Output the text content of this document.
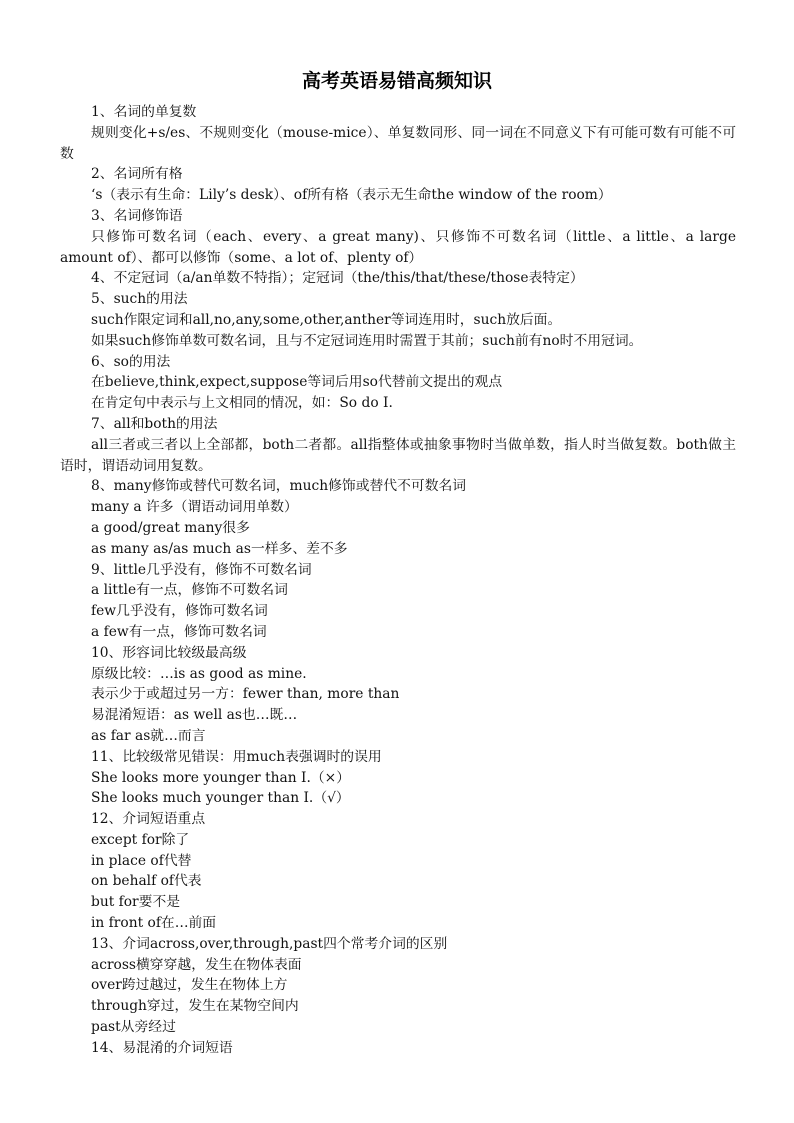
高考英语易错高频知识
1、名词的单复数
规则变化+s/es、不规则变化（mouse-mice）、单复数同形、同一词在不同意义下有可能可数有可能不可数
2、名词所有格
‘s（表示有生命：Lily’s desk）、of所有格（表示无生命the window of the room）
3、名词修饰语
只修饰可数名词（each、every、a great many)、只修饰不可数名词（little、a little、a large amount of）、都可以修饰（some、a lot of、plenty of）
4、不定冠词（a/an单数不特指）；定冠词（the/this/that/these/those表特定）
5、such的用法
such作限定词和all,no,any,some,other,anther等词连用时，such放后面。
如果such修饰单数可数名词，且与不定冠词连用时需置于其前；such前有no时不用冠词。
6、so的用法
在believe,think,expect,suppose等词后用so代替前文提出的观点
在肯定句中表示与上文相同的情况，如：So do I.
7、all和both的用法
all三者或三者以上全部都，both二者都。all指整体或抽象事物时当做单数，指人时当做复数。both做主语时，谓语动词用复数。
8、many修饰或替代可数名词，much修饰或替代不可数名词
many a 许多（谓语动词用单数）
a good/great many很多
as many as/as much as一样多、差不多
9、little几乎没有，修饰不可数名词
a little有一点，修饰不可数名词
few几乎没有，修饰可数名词
a few有一点，修饰可数名词
10、形容词比较级最高级
原级比较：…is as good as mine.
表示少于或超过另一方：fewer than, more than
易混淆短语：as well as也…既…
as far as就…而言
11、比较级常见错误：用much表强调时的误用
She looks more younger than I.（×）
She looks much younger than I.（√）
12、介词短语重点
except for除了
in place of代替
on behalf of代表
but for要不是
in front of在…前面
13、介词across,over,through,past四个常考介词的区别
across横穿穿越，发生在物体表面
over跨过越过，发生在物体上方
through穿过，发生在某物空间内
past从旁经过
14、易混淆的介词短语
